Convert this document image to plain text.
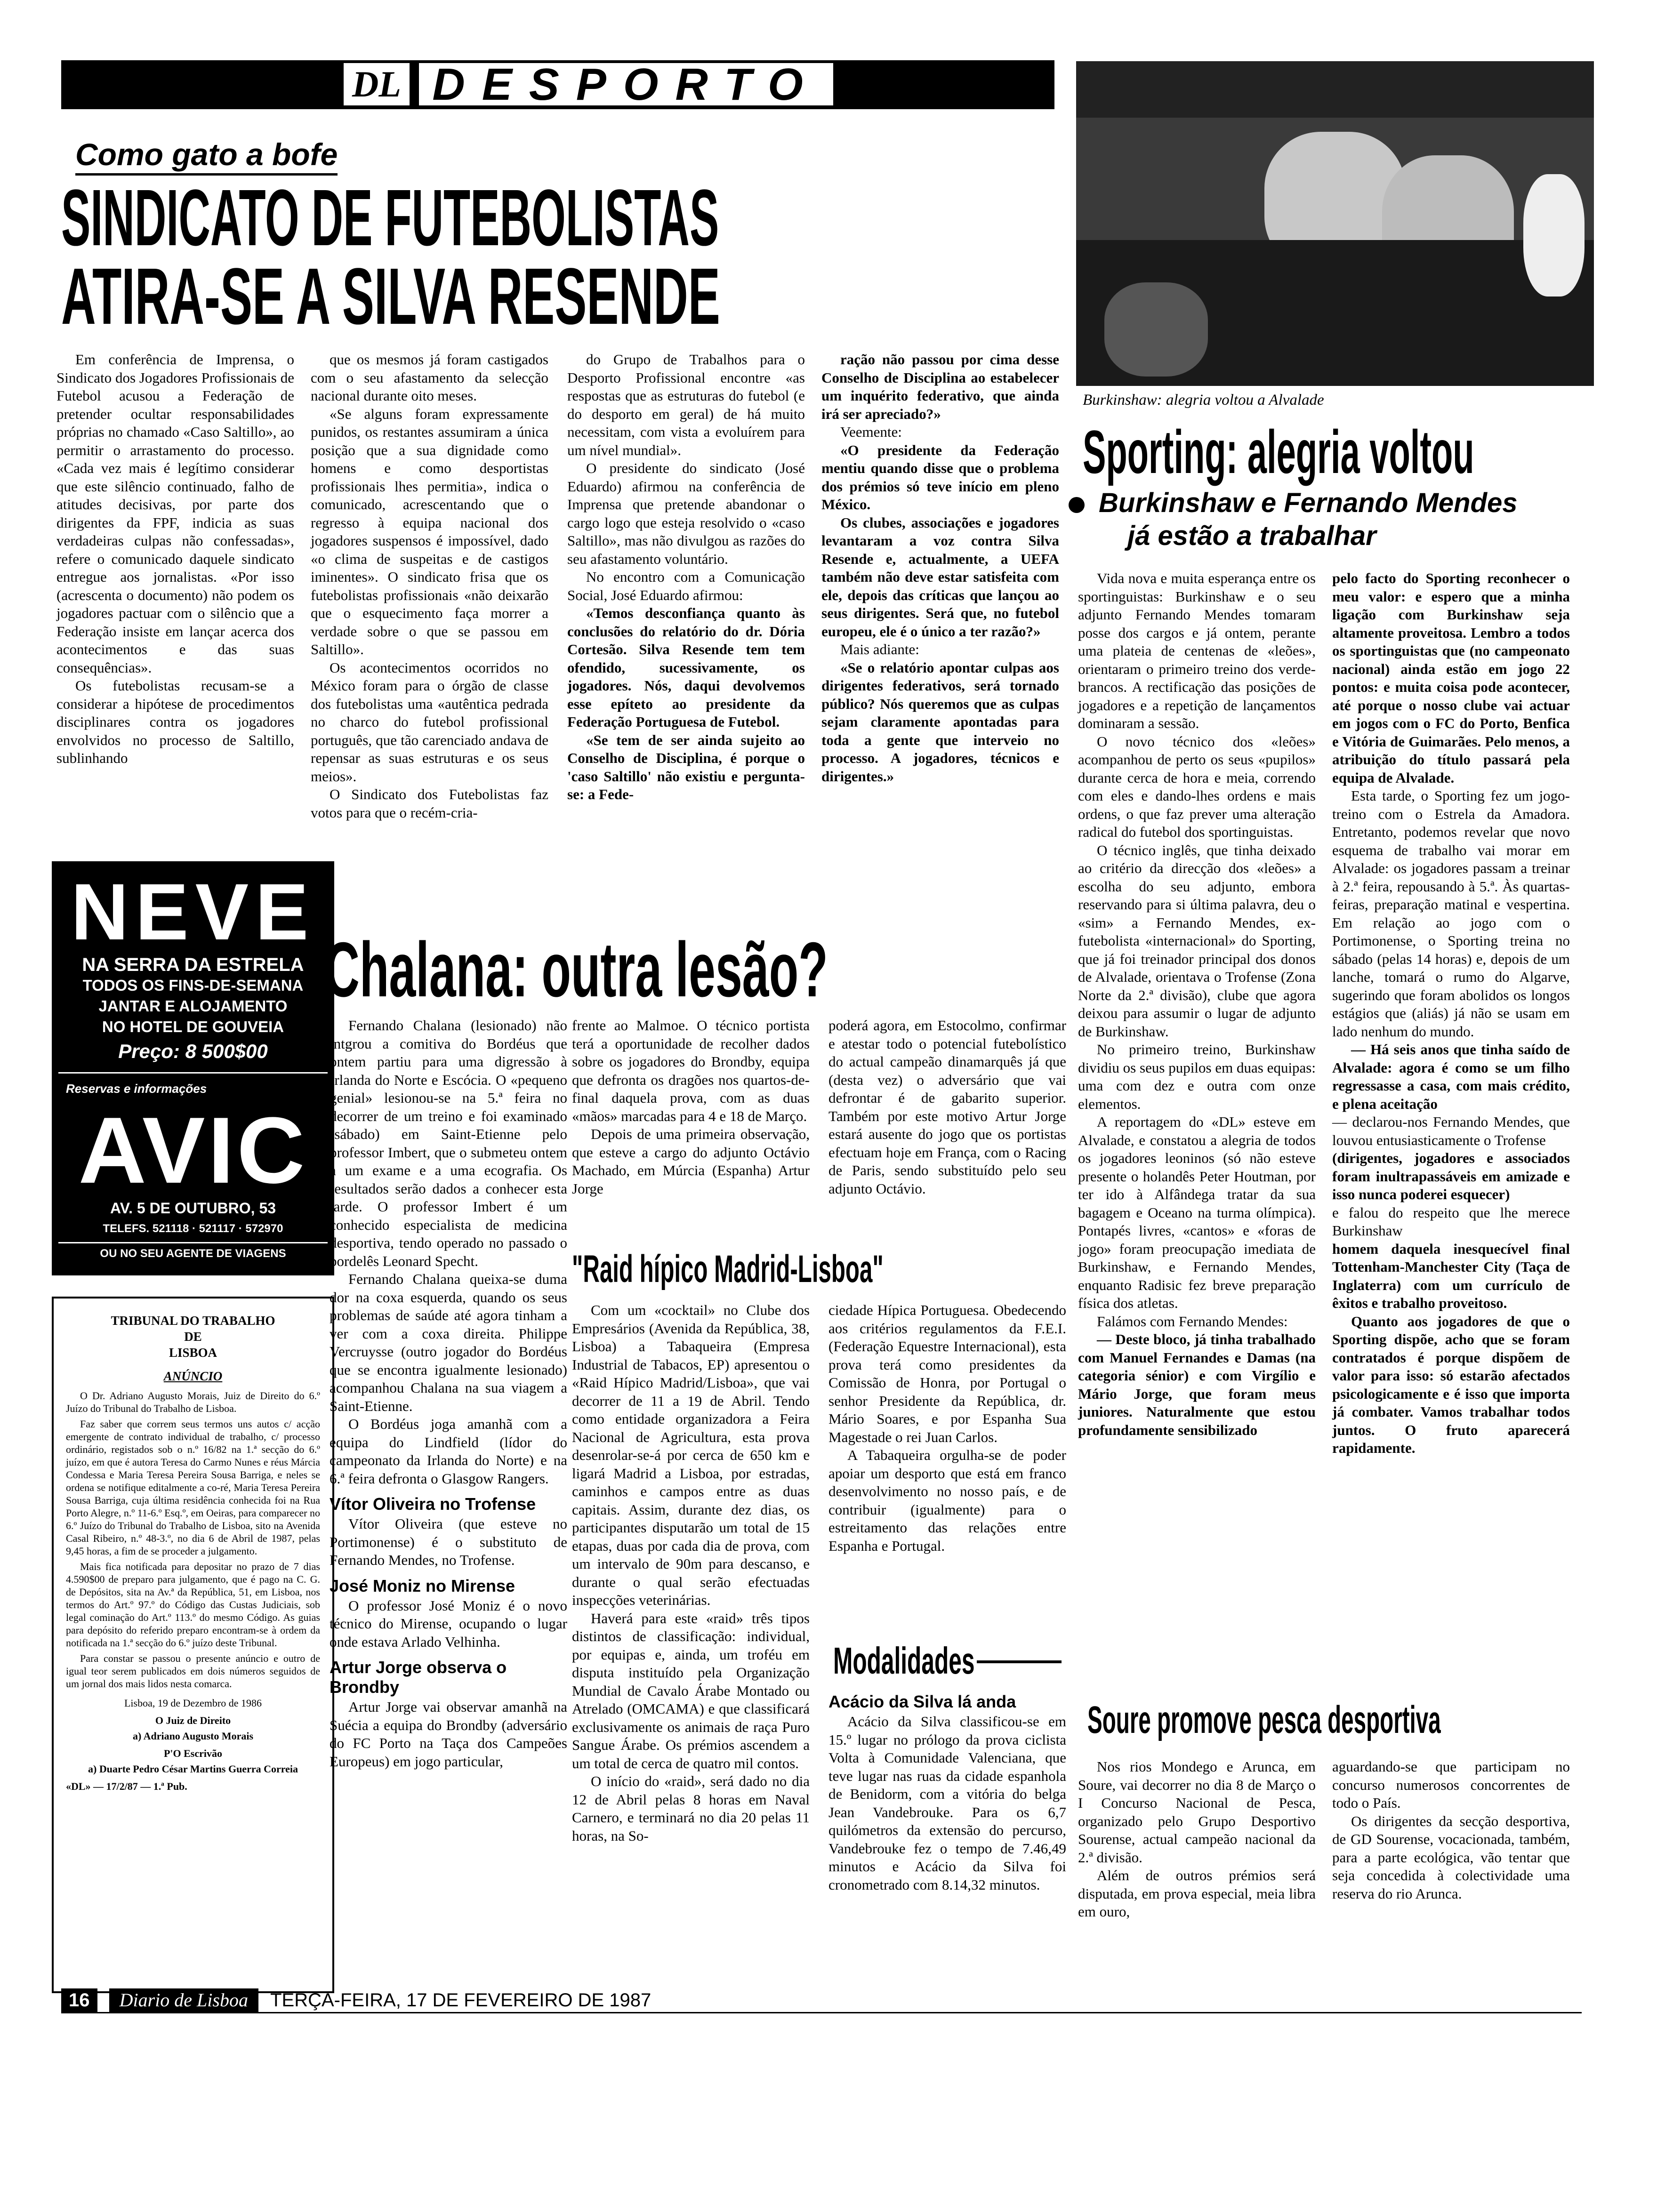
DL DESPORTO
Como gato a bofe
SINDICATO DE FUTEBOLISTAS
ATIRA-SE A SILVA RESENDE

Em conferência de Imprensa, o Sindicato dos Jogadores Profissionais de Futebol acusou a Federação de pretender ocultar responsabilidades próprias no chamado «Caso Saltillo», ao permitir o arrastamento do processo. «Cada vez mais é legítimo considerar que este silêncio continuado, falho de atitudes decisivas, por parte dos dirigentes da FPF, indicia as suas verdadeiras culpas não confessadas», refere o comunicado daquele sindicato entregue aos jornalistas. «Por isso (acrescenta o documento) não podem os jogadores pactuar com o silêncio que a Federação insiste em lançar acerca dos acontecimentos e das suas consequências».

Os futebolistas recusam-se a considerar a hipótese de procedimentos disciplinares contra os jogadores envolvidos no processo de Saltillo, sublinhando

que os mesmos já foram castigados com o seu afastamento da selecção nacional durante oito meses.

«Se alguns foram expressamente punidos, os restantes assumiram a única posição que a sua dignidade como homens e como desportistas profissionais lhes permitia», indica o comunicado, acrescentando que o regresso à equipa nacional dos jogadores suspensos é impossível, dado «o clima de suspeitas e de castigos iminentes». O sindicato frisa que os futebolistas profissionais «não deixarão que o esquecimento faça morrer a verdade sobre o que se passou em Saltillo».

Os acontecimentos ocorridos no México foram para o órgão de classe dos futebolistas uma «autêntica pedrada no charco do futebol profissional português, que tão carenciado andava de repensar as suas estruturas e os seus meios».

O Sindicato dos Futebolistas faz votos para que o recém-cria-

do Grupo de Trabalhos para o Desporto Profissional encontre «as respostas que as estruturas do futebol (e do desporto em geral) de há muito necessitam, com vista a evoluírem para um nível mundial».

O presidente do sindicato (José Eduardo) afirmou na conferência de Imprensa que pretende abandonar o cargo logo que esteja resolvido o «caso Saltillo», mas não divulgou as razões do seu afastamento voluntário.

No encontro com a Comunicação Social, José Eduardo afirmou:

«Temos desconfiança quanto às conclusões do relatório do dr. Dória Cortesão. Silva Resende tem tem ofendido, sucessivamente, os jogadores. Nós, daqui devolvemos esse epíteto ao presidente da Federação Portuguesa de Futebol.

«Se tem de ser ainda sujeito ao Conselho de Disciplina, é porque o 'caso Saltillo' não existiu e pergunta-se: a Fede-

ração não passou por cima desse Conselho de Disciplina ao estabelecer um inquérito federativo, que ainda irá ser apreciado?»

Veemente:

«O presidente da Federação mentiu quando disse que o problema dos prémios só teve início em pleno México.

Os clubes, associações e jogadores levantaram a voz contra Silva Resende e, actualmente, a UEFA também não deve estar satisfeita com ele, depois das críticas que lançou ao seus dirigentes. Será que, no futebol europeu, ele é o único a ter razão?»

Mais adiante:

«Se o relatório apontar culpas aos dirigentes federativos, será tornado público? Nós queremos que as culpas sejam claramente apontadas para toda a gente que interveio no processo. A jogadores, técnicos e dirigentes.»

NEVE
NA SERRA DA ESTRELA
TODOS OS FINS-DE-SEMANA
JANTAR E ALOJAMENTO
NO HOTEL DE GOUVEIA
Preço: 8 500$00
Reservas e informações
AVIC
AV. 5 DE OUTUBRO, 53
TELEFS. 521118 · 521117 · 572970
OU NO SEU AGENTE DE VIAGENS
TRIBUNAL DO TRABALHO
DE
LISBOA
ANÚNCIO

O Dr. Adriano Augusto Morais, Juiz de Direito do 6.º Juízo do Tribunal do Trabalho de Lisboa.

Faz saber que correm seus termos uns autos c/ acção emergente de contrato individual de trabalho, c/ processo ordinário, registados sob o n.º 16/82 na 1.ª secção do 6.º juízo, em que é autora Teresa do Carmo Nunes e réus Márcia Condessa e Maria Teresa Pereira Sousa Barriga, e neles se ordena se notifique editalmente a co-ré, Maria Teresa Pereira Sousa Barriga, cuja última residência conhecida foi na Rua Porto Alegre, n.º 11-6.º Esq.º, em Oeiras, para comparecer no 6.º Juízo do Tribunal do Trabalho de Lisboa, sito na Avenida Casal Ribeiro, n.º 48-3.º, no dia 6 de Abril de 1987, pelas 9,45 horas, a fim de se proceder a julgamento.

Mais fica notificada para depositar no prazo de 7 dias 4.590$00 de preparo para julgamento, que é pago na C. G. de Depósitos, sita na Av.ª da República, 51, em Lisboa, nos termos do Art.º 97.º do Código das Custas Judiciais, sob legal cominação do Art.º 113.º do mesmo Código. As guias para depósito do referido preparo encontram-se à ordem da notificada na 1.ª secção do 6.º juízo deste Tribunal.

Para constar se passou o presente anúncio e outro de igual teor serem publicados em dois números seguidos de um jornal dos mais lidos nesta comarca.

Lisboa, 19 de Dezembro de 1986

O Juiz de Direito

a) Adriano Augusto Morais

P'O Escrivão

a) Duarte Pedro César Martins Guerra Correia

«DL» — 17/2/87 — 1.ª Pub.

Chalana: outra lesão?

Fernando Chalana (lesionado) não intgrou a comitiva do Bordéus que ontem partiu para uma digressão à Irlanda do Norte e Escócia. O «pequeno genial» lesionou-se na 5.ª feira no decorrer de um treino e foi examinado (sábado) em Saint-Etienne pelo professor Imbert, que o submeteu ontem a um exame e a uma ecografia. Os resultados serão dados a conhecer esta tarde. O professor Imbert é um conhecido especialista de medicina desportiva, tendo operado no passado o bordelês Leonard Specht.

Fernando Chalana queixa-se duma dor na coxa esquerda, quando os seus problemas de saúde até agora tinham a ver com a coxa direita. Philippe Vercruysse (outro jogador do Bordéus que se encontra igualmente lesionado) acompanhou Chalana na sua viagem a Saint-Etienne.

O Bordéus joga amanhã com a equipa do Lindfield (lídor do campeonato da Irlanda do Norte) e na 6.ª feira defronta o Glasgow Rangers.

Vítor Oliveira no Trofense

Vítor Oliveira (que esteve no Portimonense) é o substituto de Fernando Mendes, no Trofense.

José Moniz no Mirense

O professor José Moniz é o novo técnico do Mirense, ocupando o lugar onde estava Arlado Velhinha.

Artur Jorge observa o Brondby

Artur Jorge vai observar amanhã na Suécia a equipa do Brondby (adversário do FC Porto na Taça dos Campeões Europeus) em jogo particular,

frente ao Malmoe. O técnico portista terá a oportunidade de recolher dados sobre os jogadores do Brondby, equipa que defronta os dragões nos quartos-de-final daquela prova, com as duas «mãos» marcadas para 4 e 18 de Março.

Depois de uma primeira observação, que esteve a cargo do adjunto Octávio Machado, em Múrcia (Espanha) Artur Jorge

poderá agora, em Estocolmo, confirmar e atestar todo o potencial futebolístico do actual campeão dinamarquês já que (desta vez) o adversário que vai defrontar é de gabarito superior. Também por este motivo Artur Jorge estará ausente do jogo que os portistas efectuam hoje em França, com o Racing de Paris, sendo substituído pelo seu adjunto Octávio.

"Raid hípico Madrid-Lisboa"

Com um «cocktail» no Clube dos Empresários (Avenida da República, 38, Lisboa) a Tabaqueira (Empresa Industrial de Tabacos, EP) apresentou o «Raid Hípico Madrid/Lisboa», que vai decorrer de 11 a 19 de Abril. Tendo como entidade organizadora a Feira Nacional de Agricultura, esta prova desenrolar-se-á por cerca de 650 km e ligará Madrid a Lisboa, por estradas, caminhos e campos entre as duas capitais. Assim, durante dez dias, os participantes disputarão um total de 15 etapas, duas por cada dia de prova, com um intervalo de 90m para descanso, e durante o qual serão efectuadas inspecções veterinárias.

Haverá para este «raid» três tipos distintos de classificação: individual, por equipas e, ainda, um troféu em disputa instituído pela Organização Mundial de Cavalo Árabe Montado ou Atrelado (OMCAMA) e que classificará exclusivamente os animais de raça Puro Sangue Árabe. Os prémios ascendem a um total de cerca de quatro mil contos.

O início do «raid», será dado no dia 12 de Abril pelas 8 horas em Naval Carnero, e terminará no dia 20 pelas 11 horas, na So-

ciedade Hípica Portuguesa. Obedecendo aos critérios regulamentos da F.E.I. (Federação Equestre Internacional), esta prova terá como presidentes da Comissão de Honra, por Portugal o senhor Presidente da República, dr. Mário Soares, e por Espanha Sua Magestade o rei Juan Carlos.

A Tabaqueira orgulha-se de poder apoiar um desporto que está em franco desenvolvimento no nosso país, e de contribuir (igualmente) para o estreitamento das relações entre Espanha e Portugal.

Modalidades
Acácio da Silva lá anda

Acácio da Silva classificou-se em 15.º lugar no prólogo da prova ciclista Volta à Comunidade Valenciana, que teve lugar nas ruas da cidade espanhola de Benidorm, com a vitória do belga Jean Vandebrouke. Para os 6,7 quilómetros da extensão do percurso, Vandebrouke fez o tempo de 7.46,49 minutos e Acácio da Silva foi cronometrado com 8.14,32 minutos.

Burkinshaw: alegria voltou a Alvalade
Sporting: alegria voltou
Burkinshaw e Fernando Mendes
já estão a trabalhar

Vida nova e muita esperança entre os sportinguistas: Burkinshaw e o seu adjunto Fernando Mendes tomaram posse dos cargos e já ontem, perante uma plateia de centenas de «leões», orientaram o primeiro treino dos verde-brancos. A rectificação das posições de jogadores e a repetição de lançamentos dominaram a sessão.

O novo técnico dos «leões» acompanhou de perto os seus «pupilos» durante cerca de hora e meia, correndo com eles e dando-lhes ordens e mais ordens, o que faz prever uma alteração radical do futebol dos sportinguistas.

O técnico inglês, que tinha deixado ao critério da direcção dos «leões» a escolha do seu adjunto, embora reservando para si última palavra, deu o «sim» a Fernando Mendes, ex-futebolista «internacional» do Sporting, que já foi treinador principal dos donos de Alvalade, orientava o Trofense (Zona Norte da 2.ª divisão), clube que agora deixou para assumir o lugar de adjunto de Burkinshaw.

No primeiro treino, Burkinshaw dividiu os seus pupilos em duas equipas: uma com dez e outra com onze elementos.

A reportagem do «DL» esteve em Alvalade, e constatou a alegria de todos os jogadores leoninos (só não esteve presente o holandês Peter Houtman, por ter ido à Alfândega tratar da sua bagagem e Oceano na turma olímpica). Pontapés livres, «cantos» e «foras de jogo» foram preocupação imediata de Burkinshaw, e Fernando Mendes, enquanto Radisic fez breve preparação física dos atletas.

Falámos com Fernando Mendes:

— Deste bloco, já tinha trabalhado com Manuel Fernandes e Damas (na categoria sénior) e com Virgílio e Mário Jorge, que foram meus juniores. Naturalmente que estou profundamente sensibilizado

pelo facto do Sporting reconhecer o meu valor: e espero que a minha ligação com Burkinshaw seja altamente proveitosa. Lembro a todos os sportinguistas que (no campeonato nacional) ainda estão em jogo 22 pontos: e muita coisa pode acontecer, até porque o nosso clube vai actuar em jogos com o FC do Porto, Benfica e Vitória de Guimarães. Pelo menos, a atribuição do título passará pela equipa de Alvalade.

Esta tarde, o Sporting fez um jogo-treino com o Estrela da Amadora. Entretanto, podemos revelar que novo esquema de trabalho vai morar em Alvalade: os jogadores passam a treinar à 2.ª feira, repousando à 5.ª. Às quartas-feiras, preparação matinal e vespertina. Em relação ao jogo com o Portimonense, o Sporting treina no sábado (pelas 14 horas) e, depois de um lanche, tomará o rumo do Algarve, sugerindo que foram abolidos os longos estágios que (aliás) já não se usam em lado nenhum do mundo.

— Há seis anos que tinha saído de Alvalade: agora é como se um filho regressasse a casa, com mais crédito, e plena aceitação

— declarou-nos Fernando Mendes, que louvou entusiasticamente o Trofense

(dirigentes, jogadores e associados foram inultrapassáveis em amizade e isso nunca poderei esquecer)

e falou do respeito que lhe merece Burkinshaw

homem daquela inesquecível final Tottenham-Manchester City (Taça de Inglaterra) com um currículo de êxitos e trabalho proveitoso.

Quanto aos jogadores de que o Sporting dispõe, acho que se foram contratados é porque dispõem de valor para isso: só estarão afectados psicologicamente e é isso que importa já combater. Vamos trabalhar todos juntos. O fruto aparecerá rapidamente.

Soure promove pesca desportiva

Nos rios Mondego e Arunca, em Soure, vai decorrer no dia 8 de Março o I Concurso Nacional de Pesca, organizado pelo Grupo Desportivo Sourense, actual campeão nacional da 2.ª divisão.

Além de outros prémios será disputada, em prova especial, meia libra em ouro,

aguardando-se que participam no concurso numerosos concorrentes de todo o País.

Os dirigentes da secção desportiva, de GD Sourense, vocacionada, também, para a parte ecológica, vão tentar que seja concedida à colectividade uma reserva do rio Arunca.

16 Diario de Lisboa TERÇA-FEIRA, 17 DE FEVEREIRO DE 1987
